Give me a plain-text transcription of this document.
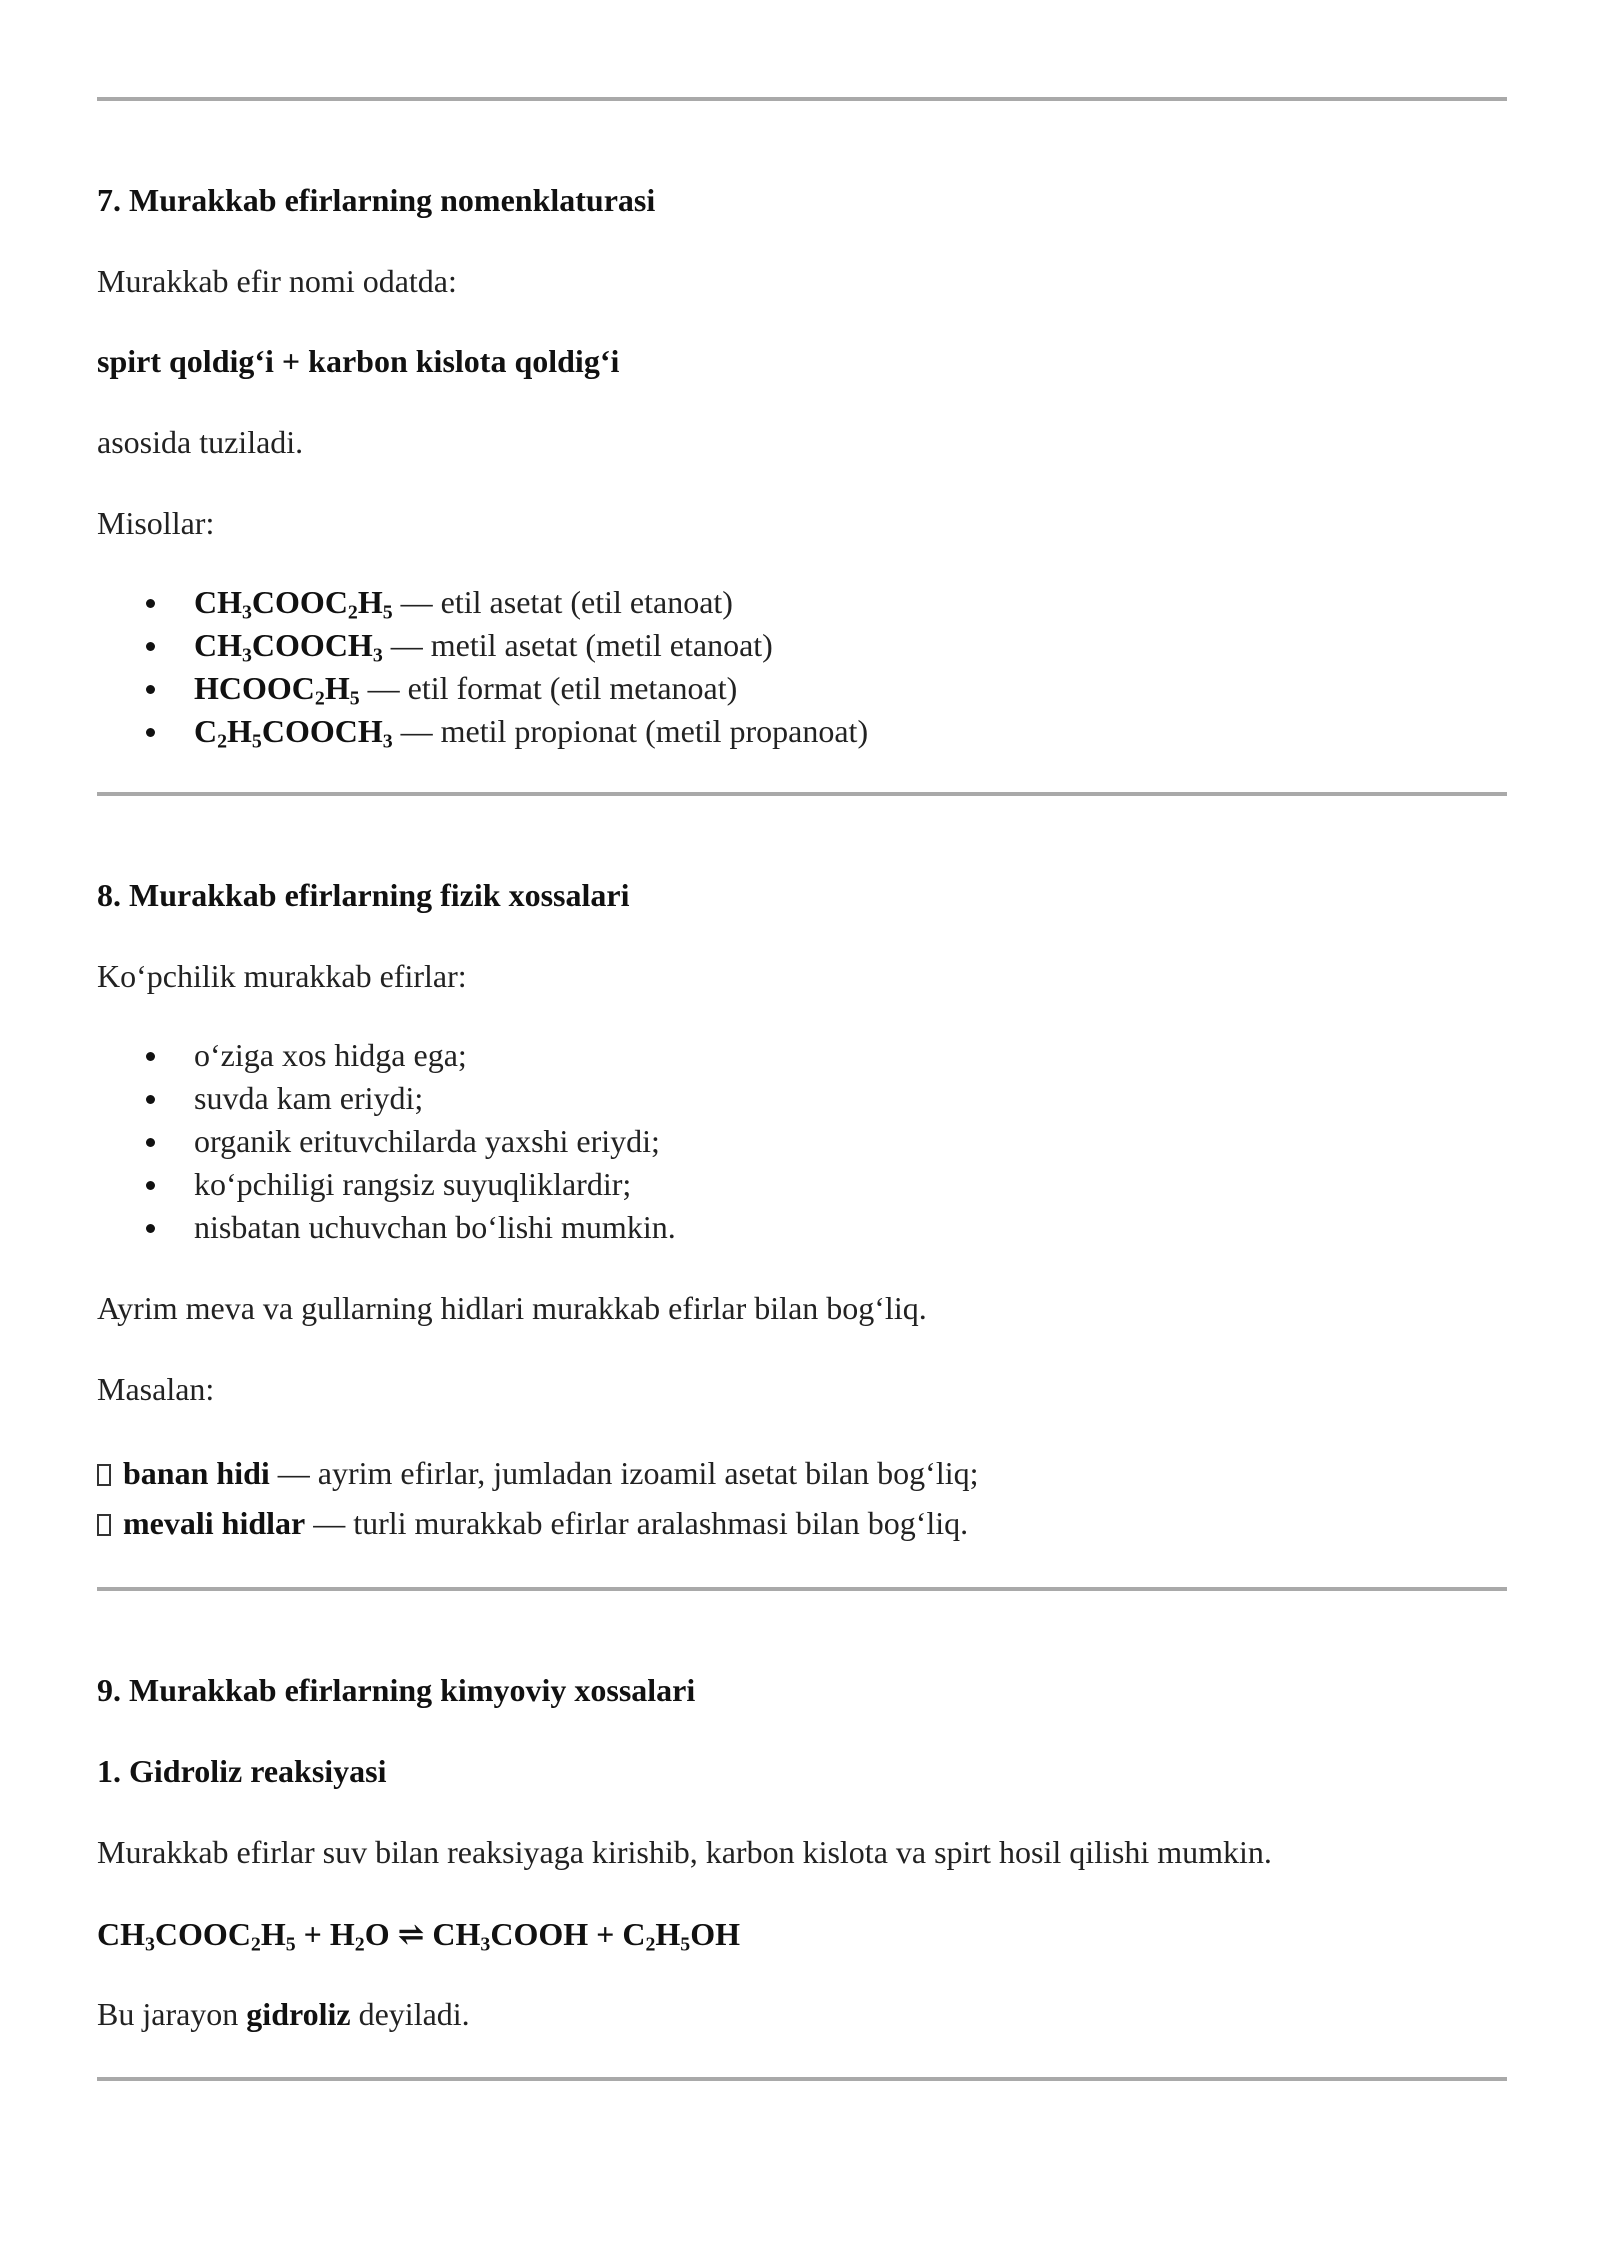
7. Murakkab efirlarning nomenklaturasi
Murakkab efir nomi odatda:
spirt qoldig‘i + karbon kislota qoldig‘i
asosida tuziladi.
Misollar:
$CH_3COOC_2H_5$ — etil asetat (etil etanoat)
$CH_3COOCH_3$ — metil asetat (metil etanoat)
$HCOOC_2H_5$ — etil format (etil metanoat)
$C_2H_5COOCH_3$ — metil propionat (metil propanoat)
8. Murakkab efirlarning fizik xossalari
Ko‘pchilik murakkab efirlar:
o‘ziga xos hidga ega;
suvda kam eriydi;
organik erituvchilarda yaxshi eriydi;
ko‘pchiligi rangsiz suyuqliklardir;
nisbatan uchuvchan bo‘lishi mumkin.
Ayrim meva va gullarning hidlari murakkab efirlar bilan bog‘liq.
Masalan:
banan hidi — ayrim efirlar, jumladan izoamil asetat bilan bog‘liq;
mevali hidlar — turli murakkab efirlar aralashmasi bilan bog‘liq.
9. Murakkab efirlarning kimyoviy xossalari
1. Gidroliz reaksiyasi
Murakkab efirlar suv bilan reaksiyaga kirishib, karbon kislota va spirt hosil qilishi mumkin.
$CH_3COOC_2H_5 + H_2O$ ⇌ $CH_3COOH + C_2H_5OH$
Bu jarayon gidroliz deyiladi.
